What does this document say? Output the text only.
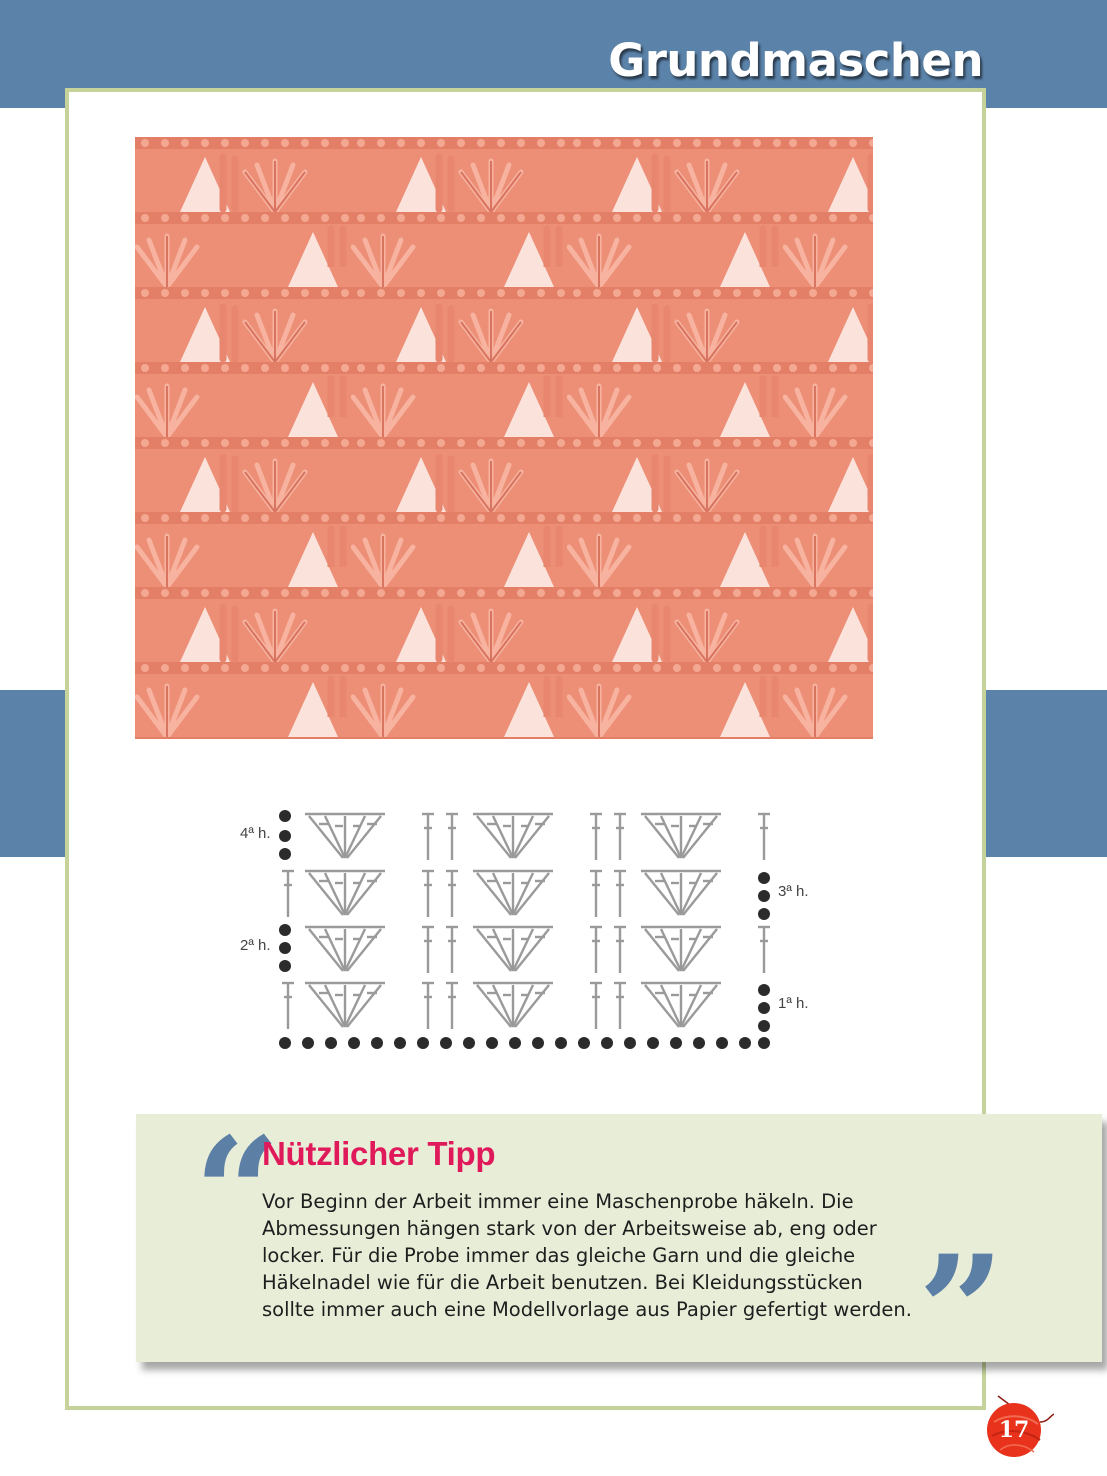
Grundmaschen
4ª h.
3ª h.
2ª h.
1ª h.
“
Nützlicher Tipp
Vor Beginn der Arbeit immer eine Maschenprobe häkeln. Die
Abmessungen hängen stark von der Arbeitsweise ab, eng oder
locker. Für die Probe immer das gleiche Garn und die gleiche
Häkelnadel wie für die Arbeit benutzen. Bei Kleidungsstücken
sollte immer auch eine Modellvorlage aus Papier gefertigt werden. ”
17
